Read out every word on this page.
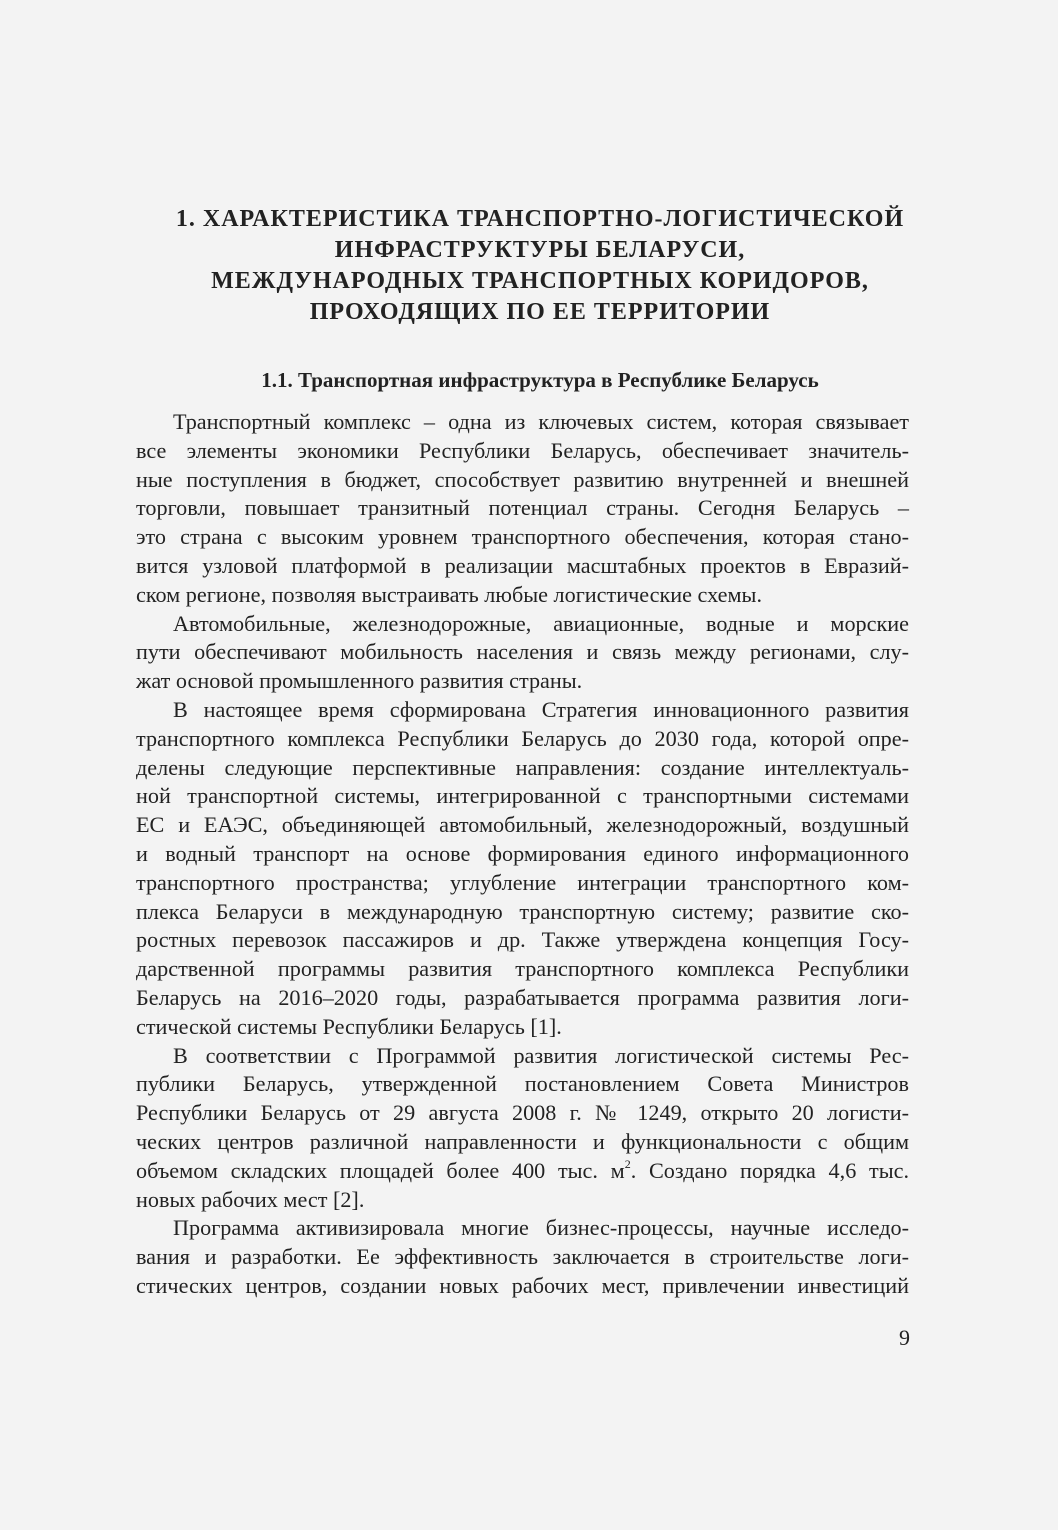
1. ХАРАКТЕРИСТИКА ТРАНСПОРТНО-ЛОГИСТИЧЕСКОЙ
ИНФРАСТРУКТУРЫ БЕЛАРУСИ,
МЕЖДУНАРОДНЫХ ТРАНСПОРТНЫХ КОРИДОРОВ,
ПРОХОДЯЩИХ ПО ЕЕ ТЕРРИТОРИИ
1.1. Транспортная инфраструктура в Республике Беларусь
Транспортный комплекс – одна из ключевых систем, которая связывает
все элементы экономики Республики Беларусь, обеспечивает значитель-
ные поступления в бюджет, способствует развитию внутренней и внешней
торговли, повышает транзитный потенциал страны. Сегодня Беларусь –
это страна с высоким уровнем транспортного обеспечения, которая стано-
вится узловой платформой в реализации масштабных проектов в Евразий-
ском регионе, позволяя выстраивать любые логистические схемы.
Автомобильные, железнодорожные, авиационные, водные и морские
пути обеспечивают мобильность населения и связь между регионами, слу-
жат основой промышленного развития страны.
В настоящее время сформирована Стратегия инновационного развития
транспортного комплекса Республики Беларусь до 2030 года, которой опре-
делены следующие перспективные направления: создание интеллектуаль-
ной транспортной системы, интегрированной с транспортными системами
ЕС и ЕАЭС, объединяющей автомобильный, железнодорожный, воздушный
и водный транспорт на основе формирования единого информационного
транспортного пространства; углубление интеграции транспортного ком-
плекса Беларуси в международную транспортную систему; развитие ско-
ростных перевозок пассажиров и др. Также утверждена концепция Госу-
дарственной программы развития транспортного комплекса Республики
Беларусь на 2016–2020 годы, разрабатывается программа развития логи-
стической системы Республики Беларусь [1].
В соответствии с Программой развития логистической системы Рес-
публики Беларусь, утвержденной постановлением Совета Министров
Республики Беларусь от 29 августа 2008 г. № 1249, открыто 20 логисти-
ческих центров различной направленности и функциональности с общим
объемом складских площадей более 400 тыс. $м^2$. Создано порядка 4,6 тыс.
новых рабочих мест [2].
Программа активизировала многие бизнес-процессы, научные исследо-
вания и разработки. Ее эффективность заключается в строительстве логи-
стических центров, создании новых рабочих мест, привлечении инвестиций
9
